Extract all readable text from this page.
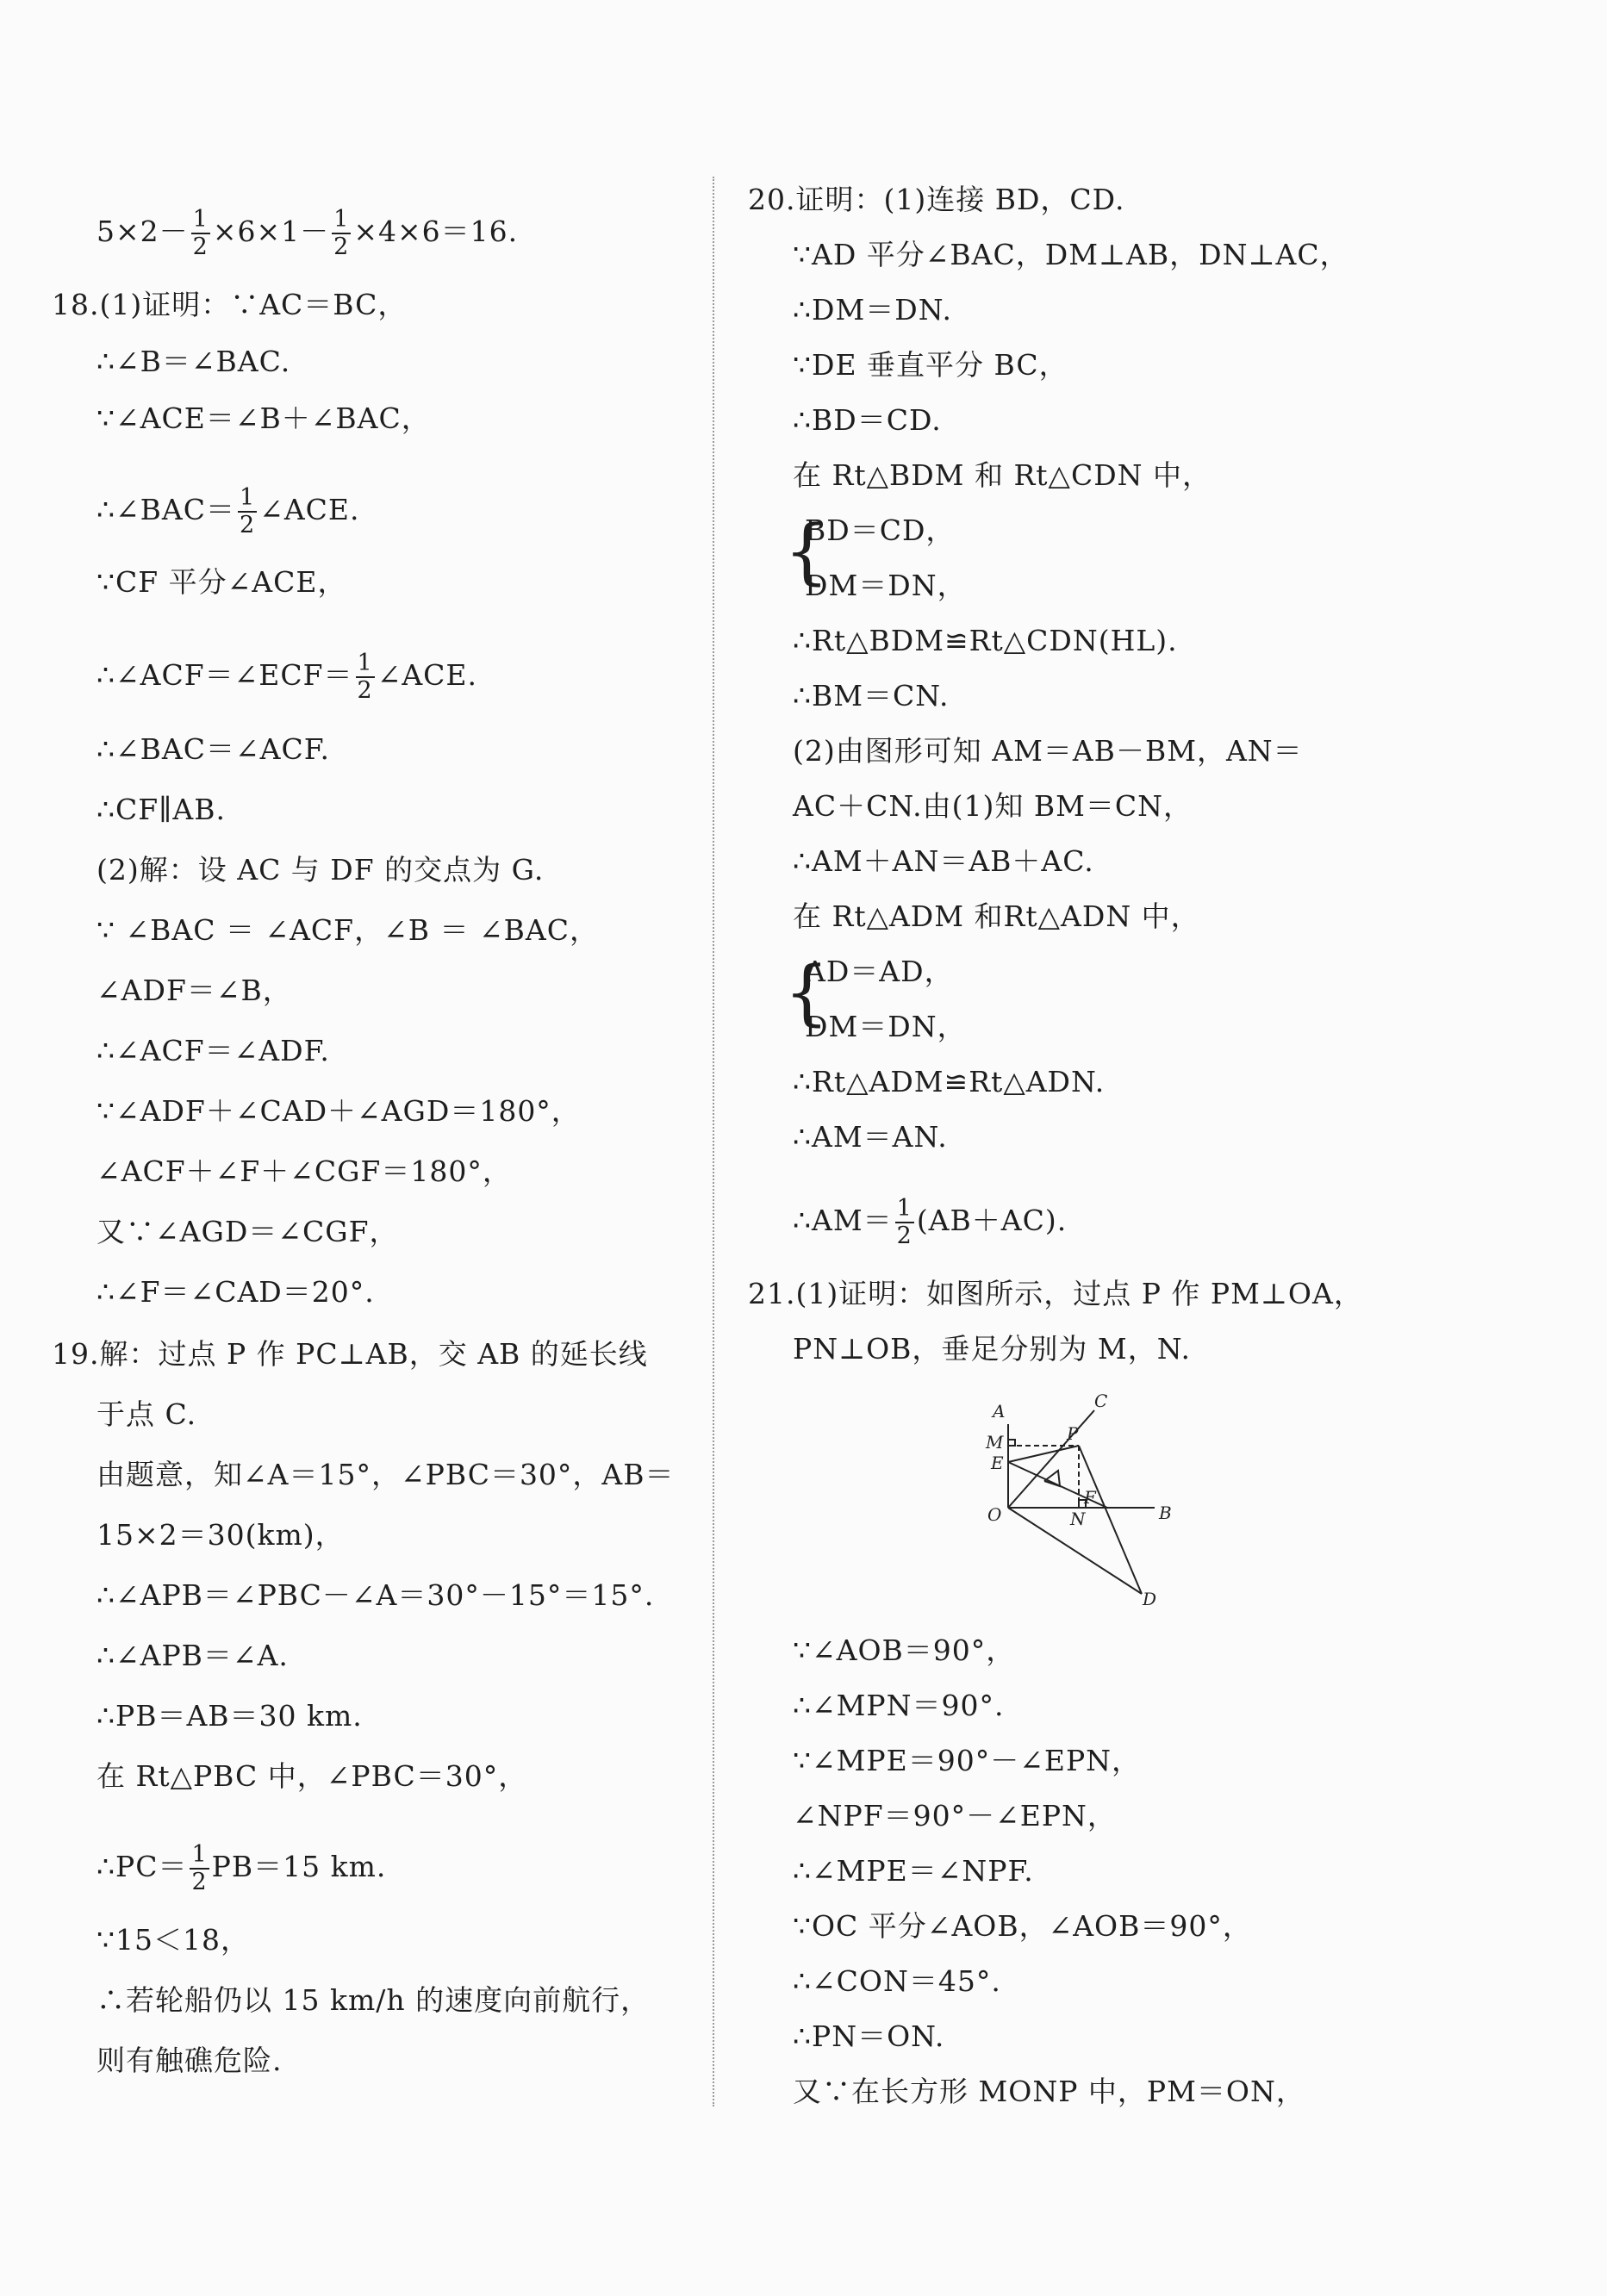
$5\times 2- \frac{1}{2} \times 6\times 1- \frac{1}{2} \times 4\times 6=16$.
18.(1)证明：∵AC＝BC，
∴∠B＝∠BAC.
∵∠ACE＝∠B＋∠BAC，
∴∠BAC＝ $\frac{1}{2}$ ∠ACE.
∵CF 平分∠ACE，
∴∠ACF＝∠ECF＝ $\frac{1}{2}$ ∠ACE.
∴∠BAC＝∠ACF.
∴CF∥AB.
(2)解：设 AC 与 DF 的交点为 G.
∵ ∠BAC ＝ ∠ACF，∠B ＝ ∠BAC，
∠ADF＝∠B，
∴∠ACF＝∠ADF.
∵∠ADF＋∠CAD＋∠AGD＝180°，
∠ACF＋∠F＋∠CGF＝180°，
又∵∠AGD＝∠CGF，
∴∠F＝∠CAD＝20°.
19.解：过点 P 作 PC⊥AB，交 AB 的延长线
于点 C.
由题意，知∠A＝15°，∠PBC＝30°，AB＝
15×2＝30(km)，
∴∠APB＝∠PBC－∠A＝30°－15°＝15°.
∴∠APB＝∠A.
∴PB＝AB＝30 km.
在 Rt△PBC 中，∠PBC＝30°，
∴PC＝ $\frac{1}{2} PB=15$ km.
∵15＜18，
∴若轮船仍以 15 km/h 的速度向前航行，
则有触礁危险.
20.证明：(1)连接 BD，CD.
∵AD 平分∠BAC，DM⊥AB，DN⊥AC，
∴DM＝DN.
∵DE 垂直平分 BC，
∴BD＝CD.
在 Rt△BDM 和 Rt△CDN 中，
{
BD＝CD，
DM＝DN，
∴Rt△BDM≌Rt△CDN(HL).
∴BM＝CN.
(2)由图形可知 AM＝AB－BM，AN＝
AC＋CN.由(1)知 BM＝CN，
∴AM＋AN＝AB＋AC.
在 Rt△ADM 和Rt△ADN 中，
{
AD＝AD，
DM＝DN，
∴Rt△ADM≌Rt△ADN.
∴AM＝AN.
∴AM＝ $\frac{1}{2} (AB+AC)$.
21.(1)证明：如图所示，过点 P 作 PM⊥OA，
PN⊥OB，垂足分别为 M，N.
A	C
P
M
E
F
O	N	B
D
∵∠AOB＝90°，
∴∠MPN＝90°.
∵∠MPE＝90°－∠EPN，
∠NPF＝90°－∠EPN，
∴∠MPE＝∠NPF.
∵OC 平分∠AOB，∠AOB＝90°，
∴∠CON＝45°.
∴PN＝ON.
又∵在长方形 MONP 中，PM＝ON，
